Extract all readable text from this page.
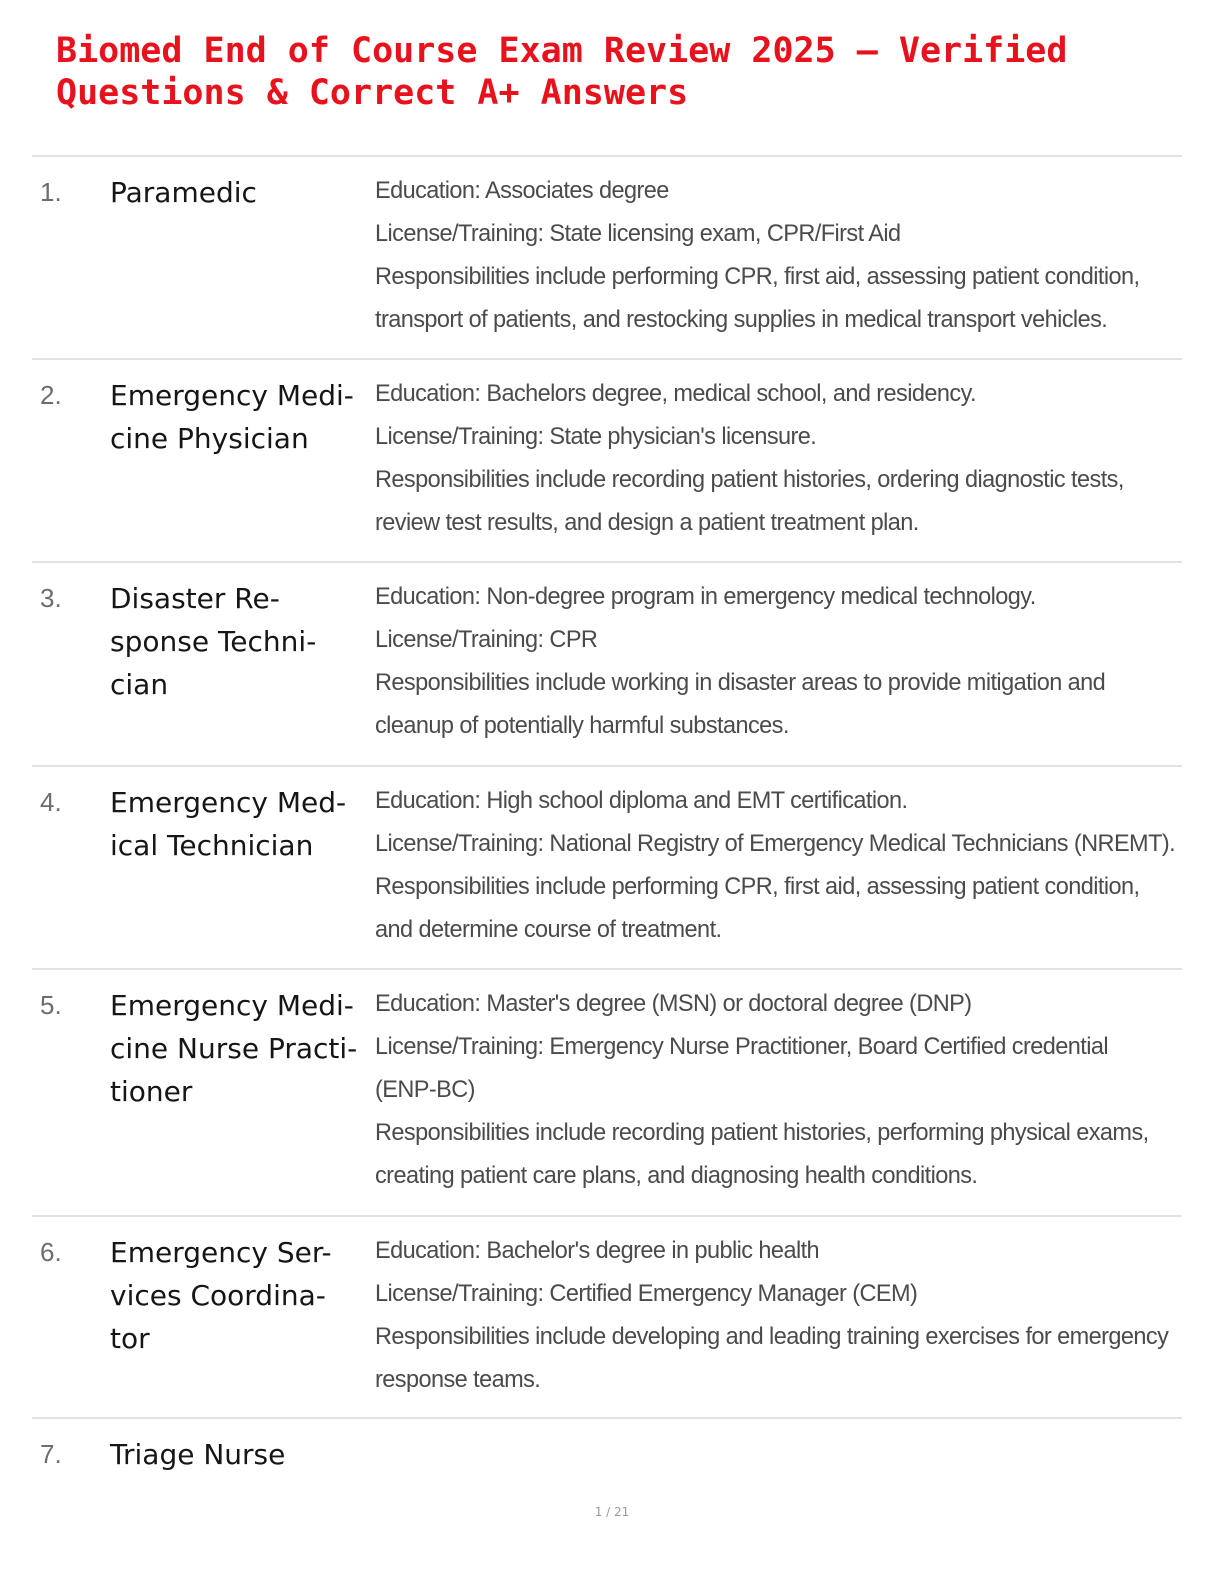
Biomed End of Course Exam Review 2025 – Verified
Questions & Correct A+ Answers
1. Paramedic	Education: Associates degree
License/Training: State licensing exam, CPR/First Aid
Responsibilities include performing CPR, first aid, assessing patient condition,
transport of patients, and restocking supplies in medical transport vehicles.
2. Emergency Medi-
cine Physician
Education: Bachelors degree, medical school, and residency.
License/Training: State physician's licensure.
Responsibilities include recording patient histories, ordering diagnostic tests,
review test results, and design a patient treatment plan.
3. Disaster Re-
sponse Techni-
cian
Education: Non-degree program in emergency medical technology.
License/Training: CPR
Responsibilities include working in disaster areas to provide mitigation and
cleanup of potentially harmful substances.
4. Emergency Med-
ical Technician
Education: High school diploma and EMT certification.
License/Training: National Registry of Emergency Medical Technicians (NREMT).
Responsibilities include performing CPR, first aid, assessing patient condition,
and determine course of treatment.
5. Emergency Medi-
cine Nurse Practi-
tioner
Education: Master's degree (MSN) or doctoral degree (DNP)
License/Training: Emergency Nurse Practitioner, Board Certified credential
(ENP-BC)
Responsibilities include recording patient histories, performing physical exams,
creating patient care plans, and diagnosing health conditions.
6. Emergency Ser-
vices Coordina-
tor
Education: Bachelor's degree in public health
License/Training: Certified Emergency Manager (CEM)
Responsibilities include developing and leading training exercises for emergency
response teams.
7. Triage Nurse
1 / 21
